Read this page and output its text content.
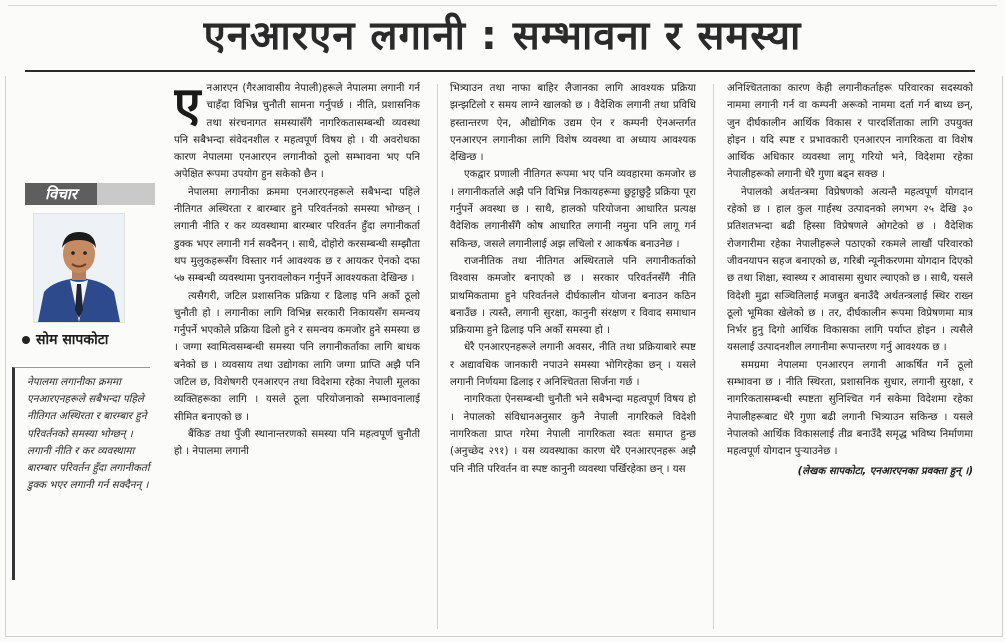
एनआरएन लगानी : सम्भावना र समस्या
विचार
सोम सापकोटा
नेपालमा लगानीका क्रममा एनआरएनहरूले सबैभन्दा पहिले नीतिगत अस्थिरता र बारम्बार हुने परिवर्तनको समस्या भोग्छन् । लगानी नीति र कर व्यवस्थामा बारम्बार परिवर्तन हुँदा लगानीकर्ता डुक्क भएर लगानी गर्न सक्दैनन् ।
ए नआरएन (गैरआवासीय नेपाली)हरूले नेपालमा लगानी गर्न चाहँदा विभिन्न चुनौती सामना गर्नुपर्छ । नीति, प्रशासनिक तथा संरचनागत समस्यासँगै नागरिकतासम्बन्धी व्यवस्था पनि सबैभन्दा संवेदनशील र महत्वपूर्ण विषय हो । यी अवरोधका कारण नेपालमा एनआरएन लगानीको ठूलो सम्भावना भए पनि अपेक्षित रूपमा उपयोग हुन सकेको छैन ।

नेपालमा लगानीका क्रममा एनआरएनहरूले सबैभन्दा पहिले नीतिगत अस्थिरता र बारम्बार हुने परिवर्तनको समस्या भोग्छन् । लगानी नीति र कर व्यवस्थामा बारम्बार परिवर्तन हुँदा लगानीकर्ता डुक्क भएर लगानी गर्न सक्दैनन् । साथै, दोहोरो करसम्बन्धी सम्झौता थप मुलुकहरूसँग विस्तार गर्न आवश्यक छ र आयकर ऐनको दफा ५७ सम्बन्धी व्यवस्थामा पुनरावलोकन गर्नुपर्ने आवश्यकता देखिन्छ ।

त्यसैगरी, जटिल प्रशासनिक प्रक्रिया र ढिलाइ पनि अर्को ठूलो चुनौती हो । लगानीका लागि विभिन्न सरकारी निकायसँग समन्वय गर्नुपर्ने भएकोले प्रक्रिया ढिलो हुने र समन्वय कमजोर हुने समस्या छ । जग्गा स्वामित्वसम्बन्धी समस्या पनि लगानीकर्ताका लागि बाधक बनेको छ । व्यवसाय तथा उद्योगका लागि जग्गा प्राप्ति अझै पनि जटिल छ, विशेषगरी एनआरएन तथा विदेशमा रहेका नेपाली मूलका व्यक्तिहरूका लागि । यसले ठूला परियोजनाको सम्भावनालाई सीमित बनाएको छ ।

बैंकिङ तथा पुँजी स्थानान्तरणको समस्या पनि महत्वपूर्ण चुनौती हो । नेपालमा लगानी

भित्र्याउन तथा नाफा बाहिर लैजानका लागि आवश्यक प्रक्रिया झन्झटिलो र समय लाग्ने खालको छ । वैदेशिक लगानी तथा प्रविधि हस्तान्तरण ऐन, औद्योगिक उद्यम ऐन र कम्पनी ऐनअन्तर्गत एनआरएन लगानीका लागि विशेष व्यवस्था वा अध्याय आवश्यक देखिन्छ ।

एकद्वार प्रणाली नीतिगत रूपमा भए पनि व्यवहारमा कमजोर छ । लगानीकर्ताले अझै पनि विभिन्न निकायहरूमा छुट्टाछुट्टै प्रक्रिया पूरा गर्नुपर्ने अवस्था छ । साथै, हालको परियोजना आधारित प्रत्यक्ष वैदेशिक लगानीसँगै कोष आधारित लगानी नमुना पनि लागू गर्न सकिन्छ, जसले लगानीलाई अझ लचिलो र आकर्षक बनाउनेछ ।

राजनीतिक तथा नीतिगत अस्थिरताले पनि लगानीकर्ताको विश्वास कमजोर बनाएको छ । सरकार परिवर्तनसँगै नीति प्राथमिकतामा हुने परिवर्तनले दीर्घकालीन योजना बनाउन कठिन बनाउँछ । त्यस्तै, लगानी सुरक्षा, कानुनी संरक्षण र विवाद समाधान प्रक्रियामा हुने ढिलाइ पनि अर्को समस्या हो ।

धेरै एनआरएनहरूले लगानी अवसर, नीति तथा प्रक्रियाबारे स्पष्ट र अद्यावधिक जानकारी नपाउने समस्या भोगिरहेका छन् । यसले लगानी निर्णयमा ढिलाइ र अनिश्चितता सिर्जना गर्छ ।

नागरिकता ऐनसम्बन्धी चुनौती भने सबैभन्दा महत्वपूर्ण विषय हो । नेपालको संविधानअनुसार कुनै नेपाली नागरिकले विदेशी नागरिकता प्राप्त गरेमा नेपाली नागरिकता स्वतः समाप्त हुन्छ (अनुच्छेद २९१) । यस व्यवस्थाका कारण धेरै एनआरएनहरू अझै पनि नीति परिवर्तन वा स्पष्ट कानुनी व्यवस्था पर्खिरहेका छन् । यस

अनिश्चितताका कारण केही लगानीकर्ताहरू परिवारका सदस्यको नाममा लगानी गर्न वा कम्पनी अरूको नाममा दर्ता गर्न बाध्य छन्, जुन दीर्घकालीन आर्थिक विकास र पारदर्शिताका लागि उपयुक्त होइन । यदि स्पष्ट र प्रभावकारी एनआरएन नागरिकता वा विशेष आर्थिक अधिकार व्यवस्था लागू गरियो भने, विदेशमा रहेका नेपालीहरूको लगानी धेरै गुणा बढ्न सक्छ ।

नेपालको अर्थतन्त्रमा विप्रेषणको अत्यन्तै महत्वपूर्ण योगदान रहेको छ । हाल कुल गार्हस्थ उत्पादनको लगभग २५ देखि ३० प्रतिशतभन्दा बढी हिस्सा विप्रेषणले ओगटेको छ । वैदेशिक रोजगारीमा रहेका नेपालीहरूले पठाएको रकमले लाखौं परिवारको जीवनयापन सहज बनाएको छ, गरिबी न्यूनीकरणमा योगदान दिएको छ तथा शिक्षा, स्वास्थ्य र आवासमा सुधार ल्याएको छ । साथै, यसले विदेशी मुद्रा सञ्चितिलाई मजबुत बनाउँदै अर्थतन्त्रलाई स्थिर राख्न ठूलो भूमिका खेलेको छ । तर, दीर्घकालीन रूपमा विप्रेषणमा मात्र निर्भर हुनु दिगो आर्थिक विकासका लागि पर्याप्त होइन । त्यसैले यसलाई उत्पादनशील लगानीमा रूपान्तरण गर्नु आवश्यक छ ।

समग्रमा नेपालमा एनआरएन लगानी आकर्षित गर्ने ठूलो सम्भावना छ । नीति स्थिरता, प्रशासनिक सुधार, लगानी सुरक्षा, र नागरिकतासम्बन्धी स्पष्टता सुनिश्चित गर्न सकेमा विदेशमा रहेका नेपालीहरूबाट धेरै गुणा बढी लगानी भित्र्याउन सकिन्छ । यसले नेपालको आर्थिक विकासलाई तीव्र बनाउँदै समृद्ध भविष्य निर्माणमा महत्वपूर्ण योगदान पुऱ्याउनेछ ।

(लेखक सापकोटा, एनआरएनका प्रवक्ता हुन् ।)
